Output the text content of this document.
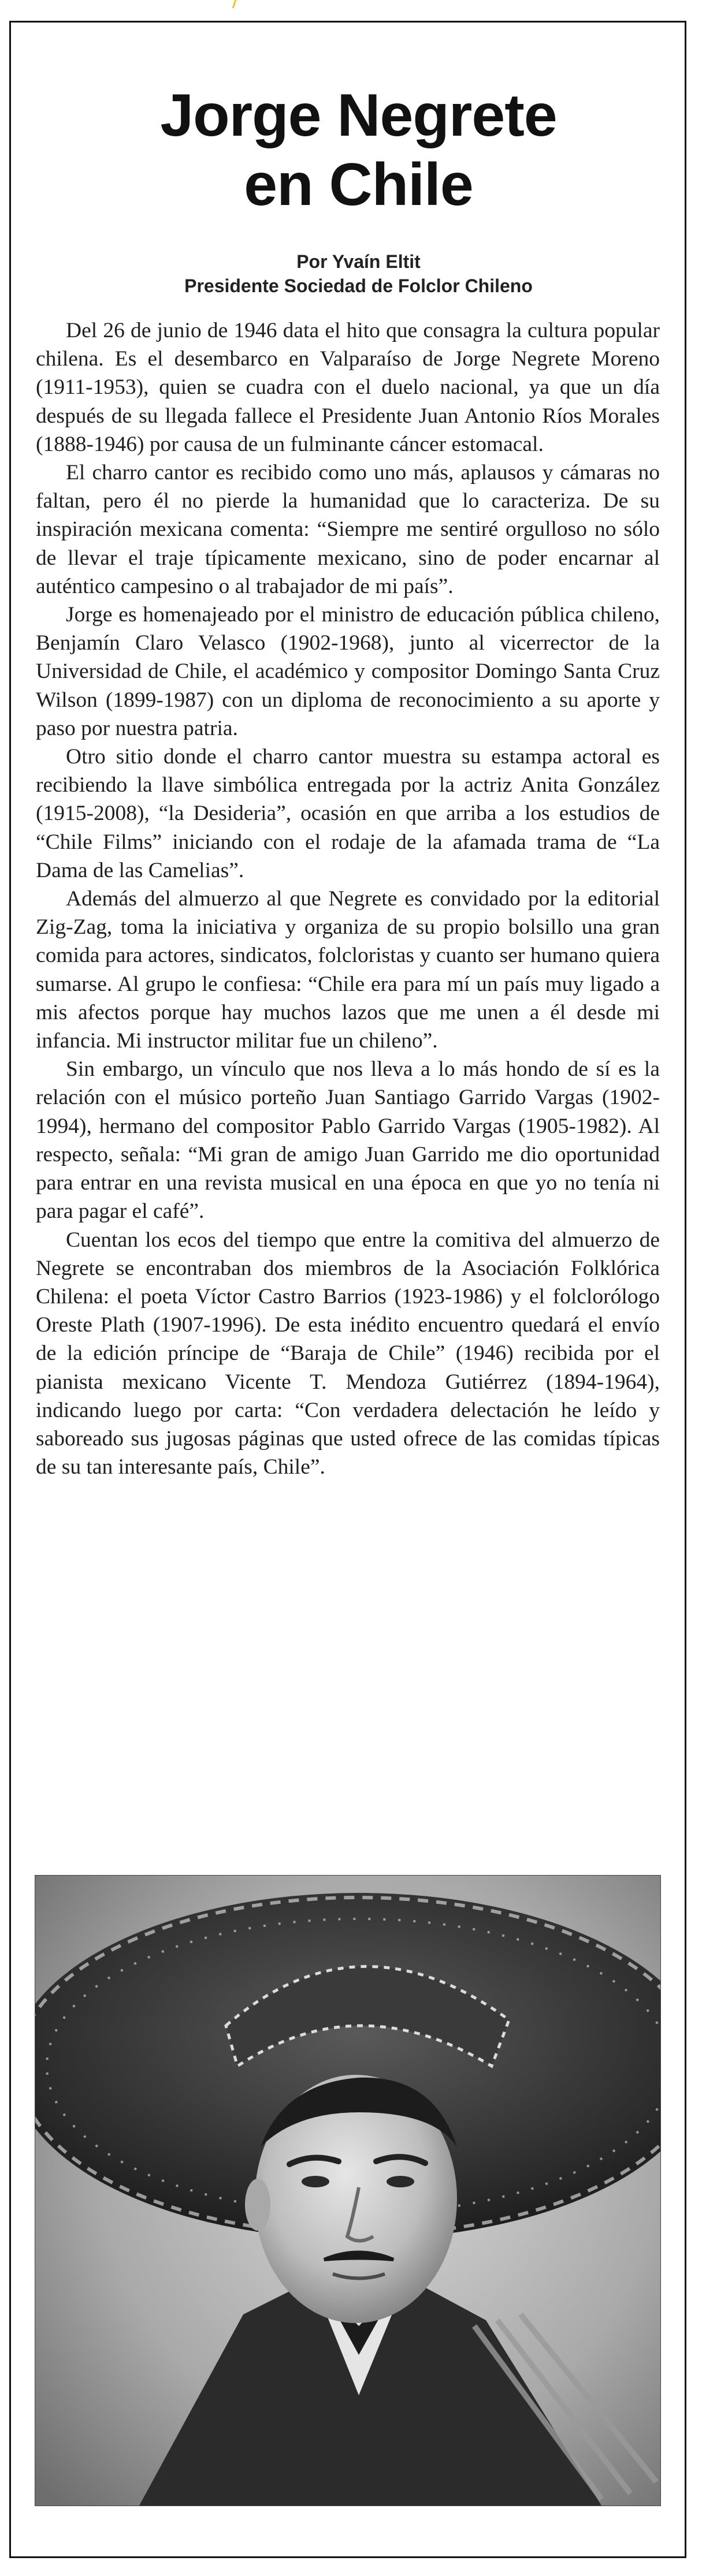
Jorge Negrete
en Chile
Por Yvaín Eltit
Presidente Sociedad de Folclor Chileno

Del 26 de junio de 1946 data el hito que consagra la cultura popular chilena. Es el desembarco en Valparaíso de Jorge Negrete Moreno (1911-1953), quien se cuadra con el duelo nacional, ya que un día después de su llegada fallece el Presidente Juan Antonio Ríos Morales (1888-1946) por causa de un fulminante cáncer estomacal.

El charro cantor es recibido como uno más, aplausos y cámaras no faltan, pero él no pierde la humanidad que lo caracteriza. De su inspiración mexicana comenta: “Siempre me sentiré orgulloso no sólo de llevar el traje típicamente mexicano, sino de poder encarnar al auténtico campesino o al trabajador de mi país”.

Jorge es homenajeado por el ministro de educación pública chileno, Benjamín Claro Velasco (1902-1968), junto al vicerrector de la Universidad de Chile, el académico y compositor Domingo Santa Cruz Wilson (1899-1987) con un diploma de reconocimiento a su aporte y paso por nuestra patria.

Otro sitio donde el charro cantor muestra su estampa actoral es recibiendo la llave simbólica entregada por la actriz Anita González (1915-2008), “la Desideria”, ocasión en que arriba a los estudios de “Chile Films” iniciando con el rodaje de la afamada trama de “La Dama de las Camelias”.

Además del almuerzo al que Negrete es convidado por la editorial Zig-Zag, toma la iniciativa y organiza de su propio bolsillo una gran comida para actores, sindicatos, folcloristas y cuanto ser humano quiera sumarse. Al grupo le confiesa: “Chile era para mí un país muy ligado a mis afectos porque hay muchos lazos que me unen a él desde mi infancia. Mi instructor militar fue un chileno”.

Sin embargo, un vínculo que nos lleva a lo más hondo de sí es la relación con el músico porteño Juan Santiago Garrido Vargas (1902-1994), hermano del compositor Pablo Garrido Vargas (1905-1982). Al respecto, señala: “Mi gran de amigo Juan Garrido me dio oportunidad para entrar en una revista musical en una época en que yo no tenía ni para pagar el café”.

Cuentan los ecos del tiempo que entre la comitiva del almuerzo de Negrete se encontraban dos miembros de la Asociación Folklórica Chilena: el poeta Víctor Castro Barrios (1923-1986) y el folclorólogo Oreste Plath (1907-1996). De esta inédito encuentro quedará el envío de la edición príncipe de “Baraja de Chile” (1946) recibida por el pianista mexicano Vicente T. Mendoza Gutiérrez (1894-1964), indicando luego por carta: “Con verdadera delectación he leído y saboreado sus jugosas páginas que usted ofrece de las comidas típicas de su tan interesante país, Chile”.
